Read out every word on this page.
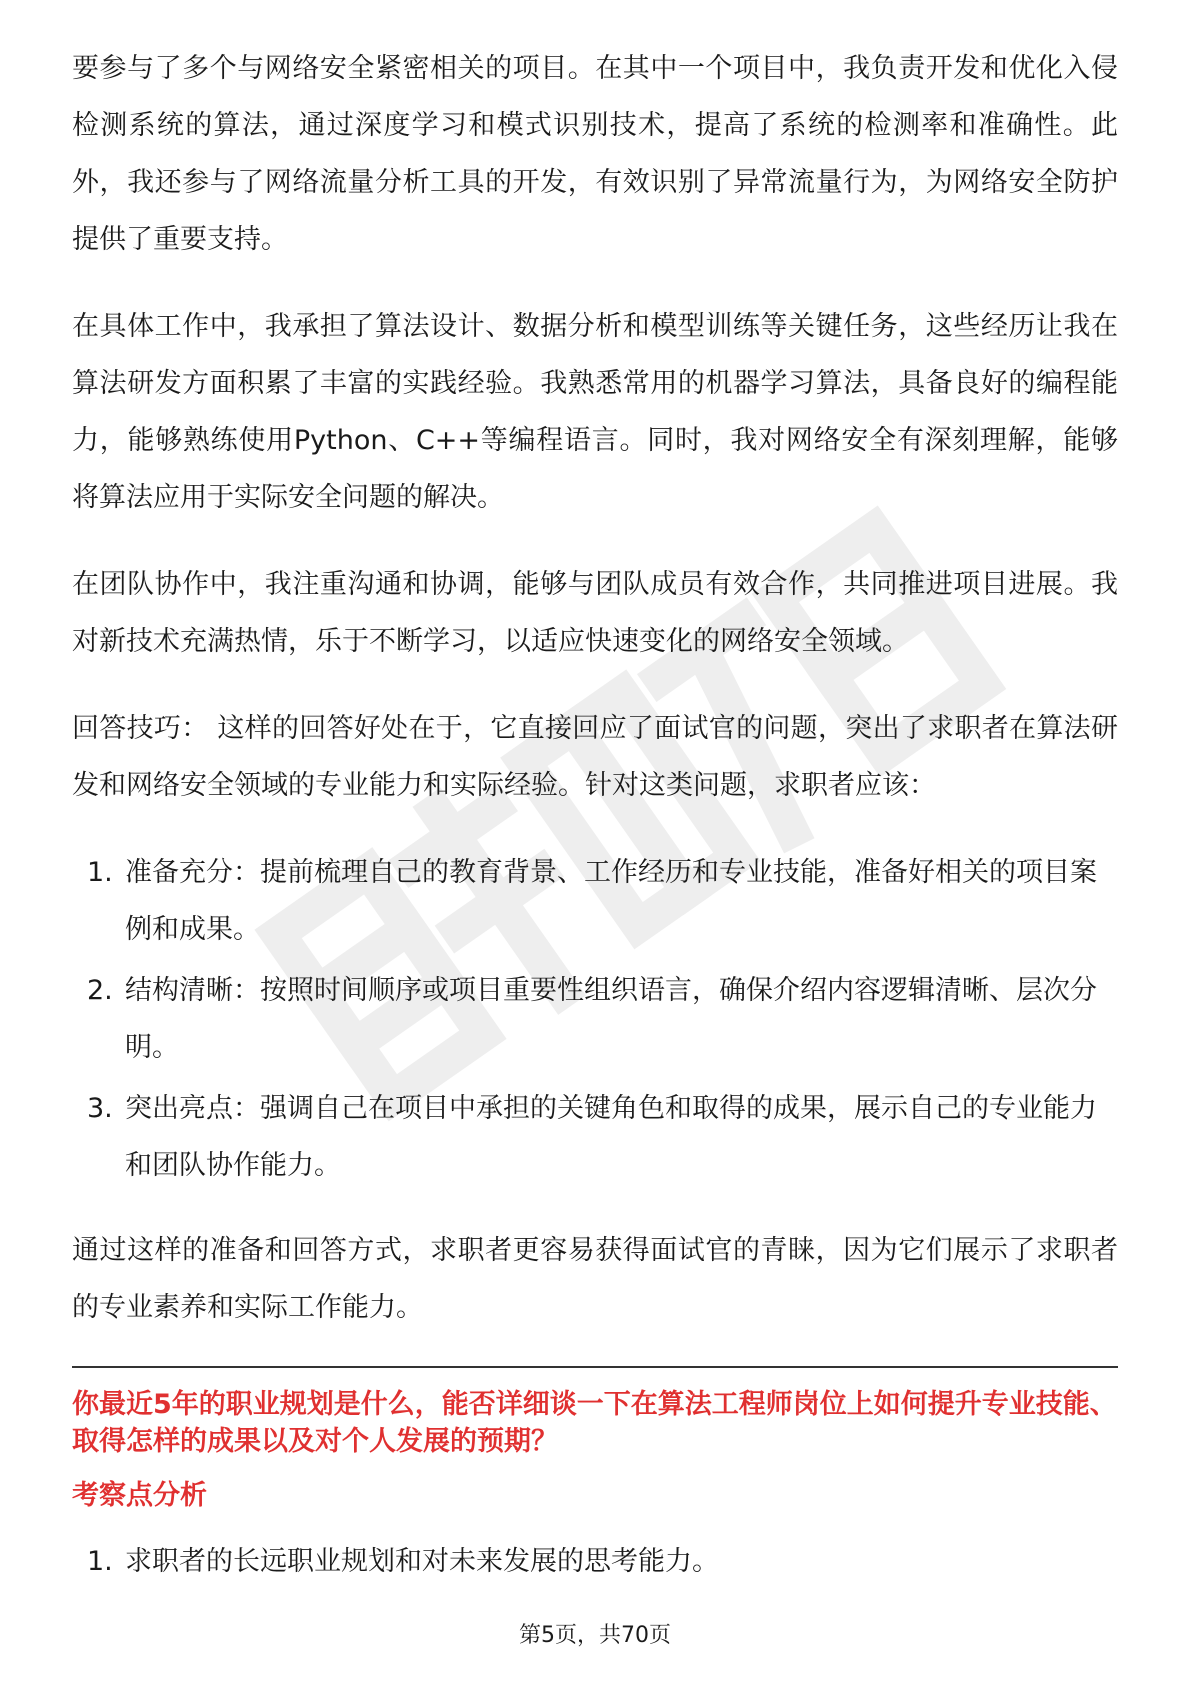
要参与了多个与网络安全紧密相关的项目。在其中一个项目中，我负责开发和优化入侵检测系统的算法，通过深度学习和模式识别技术，提高了系统的检测率和准确性。此外，我还参与了网络流量分析工具的开发，有效识别了异常流量行为，为网络安全防护提供了重要支持。

在具体工作中，我承担了算法设计、数据分析和模型训练等关键任务，这些经历让我在算法研发方面积累了丰富的实践经验。我熟悉常用的机器学习算法，具备良好的编程能力，能够熟练使用Python、C++等编程语言。同时，我对网络安全有深刻理解，能够将算法应用于实际安全问题的解决。

在团队协作中，我注重沟通和协调，能够与团队成员有效合作，共同推进项目进展。我对新技术充满热情，乐于不断学习，以适应快速变化的网络安全领域。

回答技巧： 这样的回答好处在于，它直接回应了面试官的问题，突出了求职者在算法研发和网络安全领域的专业能力和实际经验。针对这类问题，求职者应该：

1. 准备充分：提前梳理自己的教育背景、工作经历和专业技能，准备好相关的项目案例和成果。
2. 结构清晰：按照时间顺序或项目重要性组织语言，确保介绍内容逻辑清晰、层次分明。
3. 突出亮点：强调自己在项目中承担的关键角色和取得的成果，展示自己的专业能力和团队协作能力。

通过这样的准备和回答方式，求职者更容易获得面试官的青睐，因为它们展示了求职者的专业素养和实际工作能力。

你最近5年的职业规划是什么，能否详细谈一下在算法工程师岗位上如何提升专业技能、取得怎样的成果以及对个人发展的预期？

考察点分析

1. 求职者的长远职业规划和对未来发展的思考能力。
第5页，共70页
